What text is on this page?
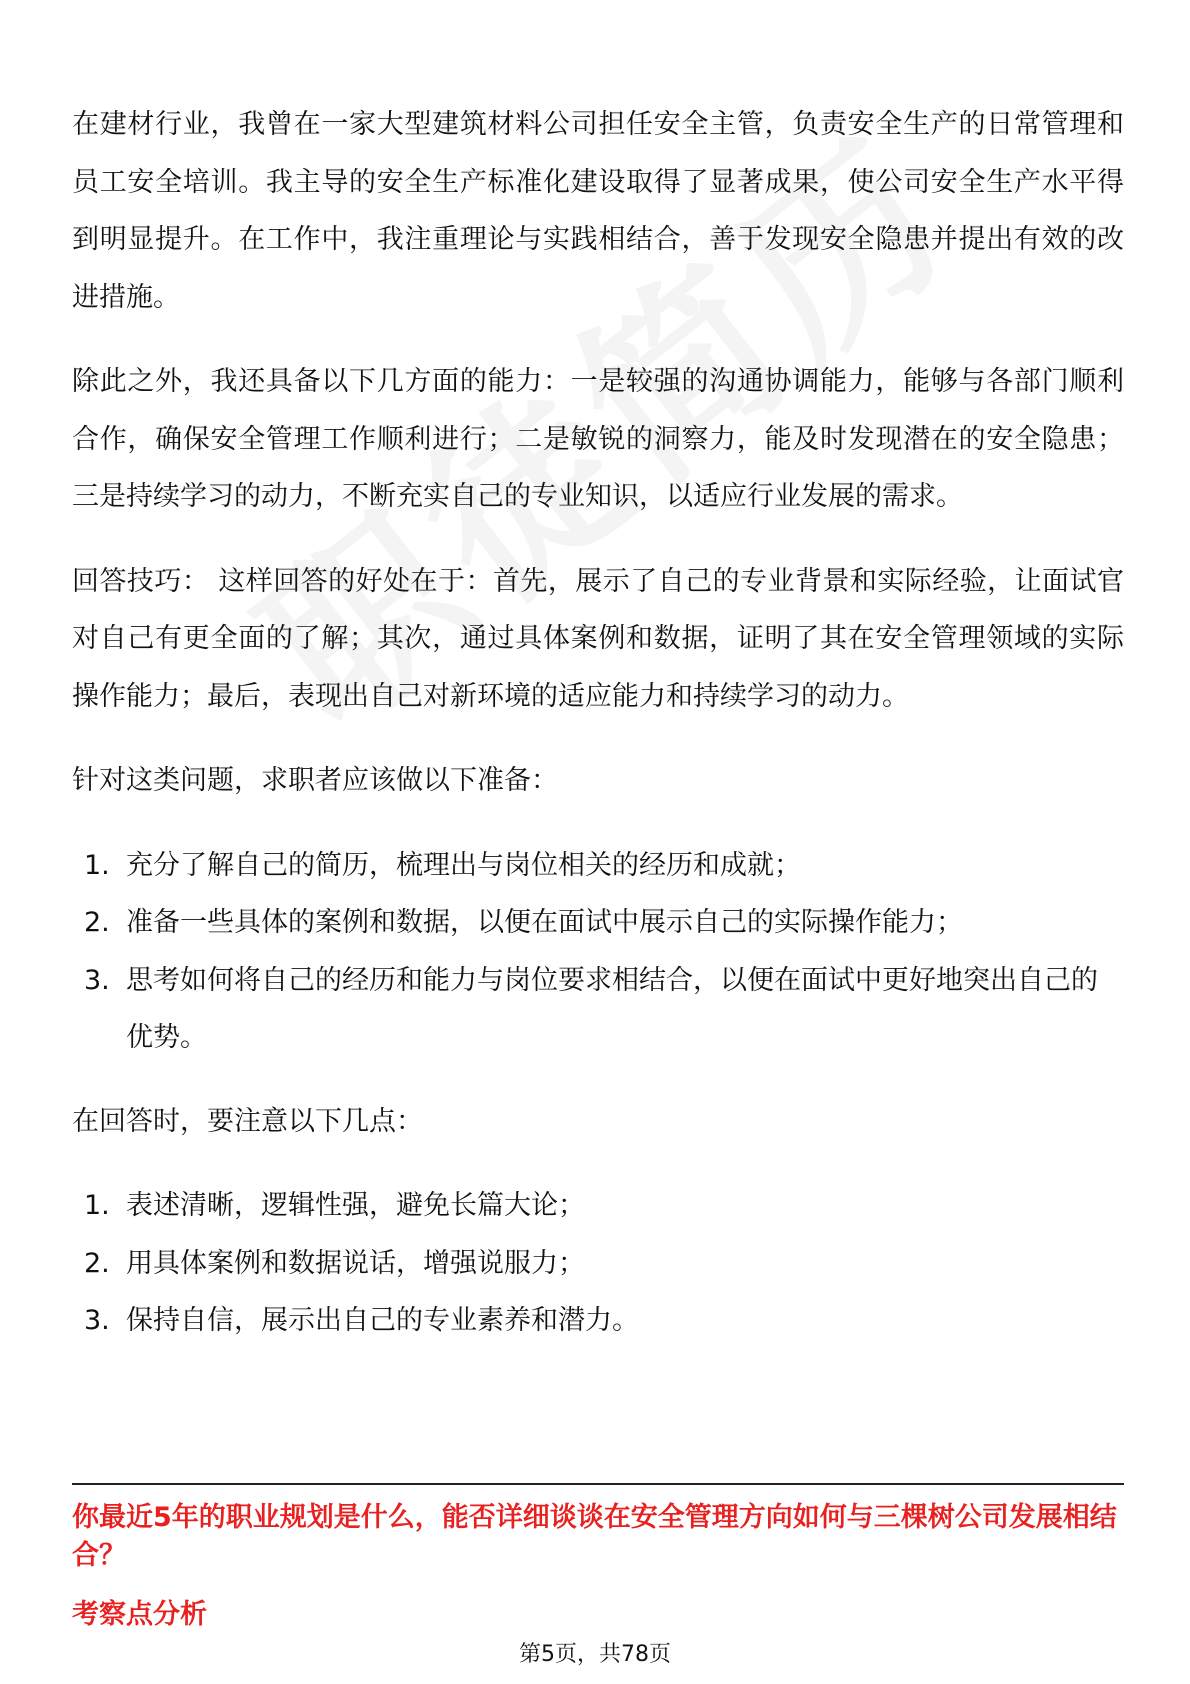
在建材行业，我曾在一家大型建筑材料公司担任安全主管，负责安全生产的日常管理和员工安全培训。我主导的安全生产标准化建设取得了显著成果，使公司安全生产水平得到明显提升。在工作中，我注重理论与实践相结合，善于发现安全隐患并提出有效的改进措施。

除此之外，我还具备以下几方面的能力：一是较强的沟通协调能力，能够与各部门顺利合作，确保安全管理工作顺利进行；二是敏锐的洞察力，能及时发现潜在的安全隐患；三是持续学习的动力，不断充实自己的专业知识，以适应行业发展的需求。

回答技巧： 这样回答的好处在于：首先，展示了自己的专业背景和实际经验，让面试官对自己有更全面的了解；其次，通过具体案例和数据，证明了其在安全管理领域的实际操作能力；最后，表现出自己对新环境的适应能力和持续学习的动力。

针对这类问题，求职者应该做以下准备：

1. 充分了解自己的简历，梳理出与岗位相关的经历和成就；
2. 准备一些具体的案例和数据，以便在面试中展示自己的实际操作能力；
3. 思考如何将自己的经历和能力与岗位要求相结合，以便在面试中更好地突出自己的优势。

在回答时，要注意以下几点：

1. 表述清晰，逻辑性强，避免长篇大论；
2. 用具体案例和数据说话，增强说服力；
3. 保持自信，展示出自己的专业素养和潜力。
你最近5年的职业规划是什么，能否详细谈谈在安全管理方向如何与三棵树公司发展相结合？
考察点分析
第5页，共78页
